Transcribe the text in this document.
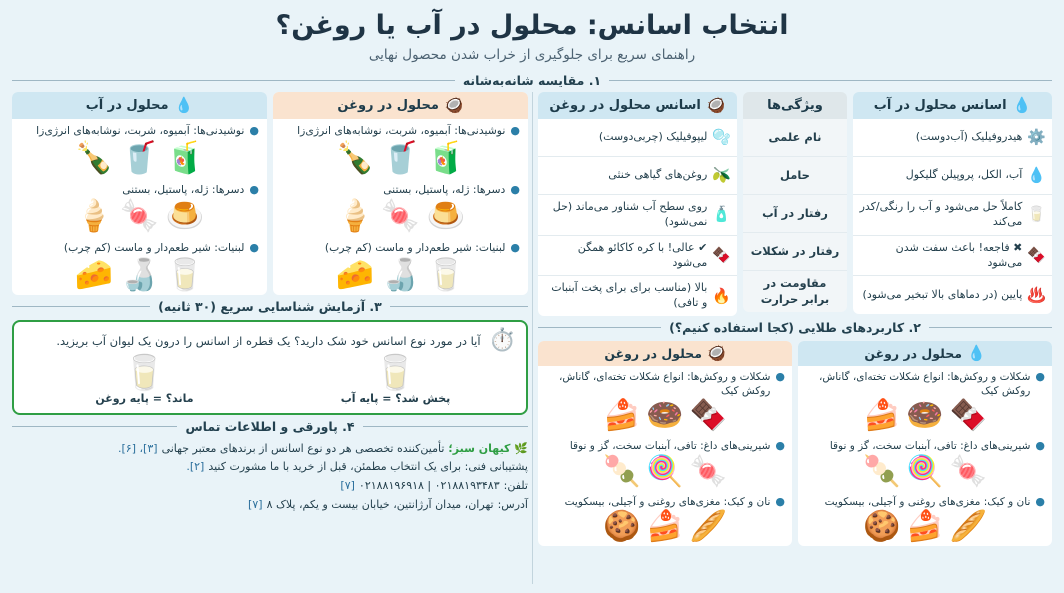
انتخاب اسانس: محلول در آب یا روغن؟
راهنمای سریع برای جلوگیری از خراب شدن محصول نهایی
۱. مقایسه شانه‌به‌شانه
💧
اسانس محلول در آب
⚙️
هیدروفیلیک (آب‌دوست)
💧
آب، الکل، پروپیلن گلیکول
🥛
کاملاً حل می‌شود و آب را رنگی/کدر می‌کند
🍫
✖ فاجعه! باعث سفت شدن می‌شود
♨️
پایین (در دماهای بالا تبخیر می‌شود)
ویژگی‌ها
نام علمی
حامل
رفتار در آب
رفتار در شکلات
مقاومت در برابر حرارت
🥥
اسانس محلول در روغن
🫧
لیپوفیلیک (چربی‌دوست)
🫒
روغن‌های گیاهی خنثی
🧴
روی سطح آب شناور می‌ماند (حل نمی‌شود)
🍫
✔ عالی! با کره کاکائو همگن می‌شود
🔥
بالا (مناسب برای برای پخت آبنبات و تافی)
۲. کاربردهای طلایی (کجا استفاده کنیم؟)
💧
محلول در روغن
●
شکلات و روکش‌ها: انواع شکلات تخته‌ای، گاناش، روکش کیک
🍫
🍩
🍰
●
شیرینی‌های داغ: تافی، آبنبات سخت، گز و نوقا
🍬
🍭
🍡
●
نان و کیک: مغزی‌های روغنی و آجیلی، بیسکویت
🥖
🍰
🍪
🥥
محلول در روغن
●
شکلات و روکش‌ها: انواع شکلات تخته‌ای، گاناش، روکش کیک
🍫
🍩
🍰
●
شیرینی‌های داغ: تافی، آبنبات سخت، گز و نوقا
🍬
🍭
🍡
●
نان و کیک: مغزی‌های روغنی و آجیلی، بیسکویت
🥖
🍰
🍪
🥥
محلول در روغن
●
نوشیدنی‌ها: آبمیوه، شربت، نوشابه‌های انرژی‌زا
🧃
🥤
🍾
●
دسرها: ژله، پاستیل، بستنی
🍮
🍬
🍦
●
لبنیات: شیر طعم‌دار و ماست (کم چرب)
🥛
🍶
🧀
💧
محلول در آب
●
نوشیدنی‌ها: آبمیوه، شربت، نوشابه‌های انرژی‌زا
🧃
🥤
🍾
●
دسرها: ژله، پاستیل، بستنی
🍮
🍬
🍦
●
لبنیات: شیر طعم‌دار و ماست (کم چرب)
🥛
🍶
🧀
۳. آزمایش شناسایی سریع (۳۰ ثانیه)
⏱️
آیا در مورد نوع اسانس خود شک دارید؟ یک قطره از اسانس را درون یک لیوان آب بریزید.
🥛
پخش شد؟ = پایه آب
🥛
ماند؟ = پایه روغن
۴. پاورقی و اطلاعات تماس
🌿 کیهان سبز؛
تأمین‌کننده تخصصی هر دو نوع اسانس از برندهای معتبر جهانی
[۳]، [۶].
پشتیبانی فنی: برای یک انتخاب مطمئن، قبل از خرید با ما مشورت کنید
[۲].
تلفن:
۰۲۱۸۸۱۹۳۴۸۳ | ۰۲۱۸۸۱۹۶۹۱۸
[۷]
آدرس:
تهران، میدان آرژانتین، خیابان بیست و یکم، پلاک ۸
[۷]
